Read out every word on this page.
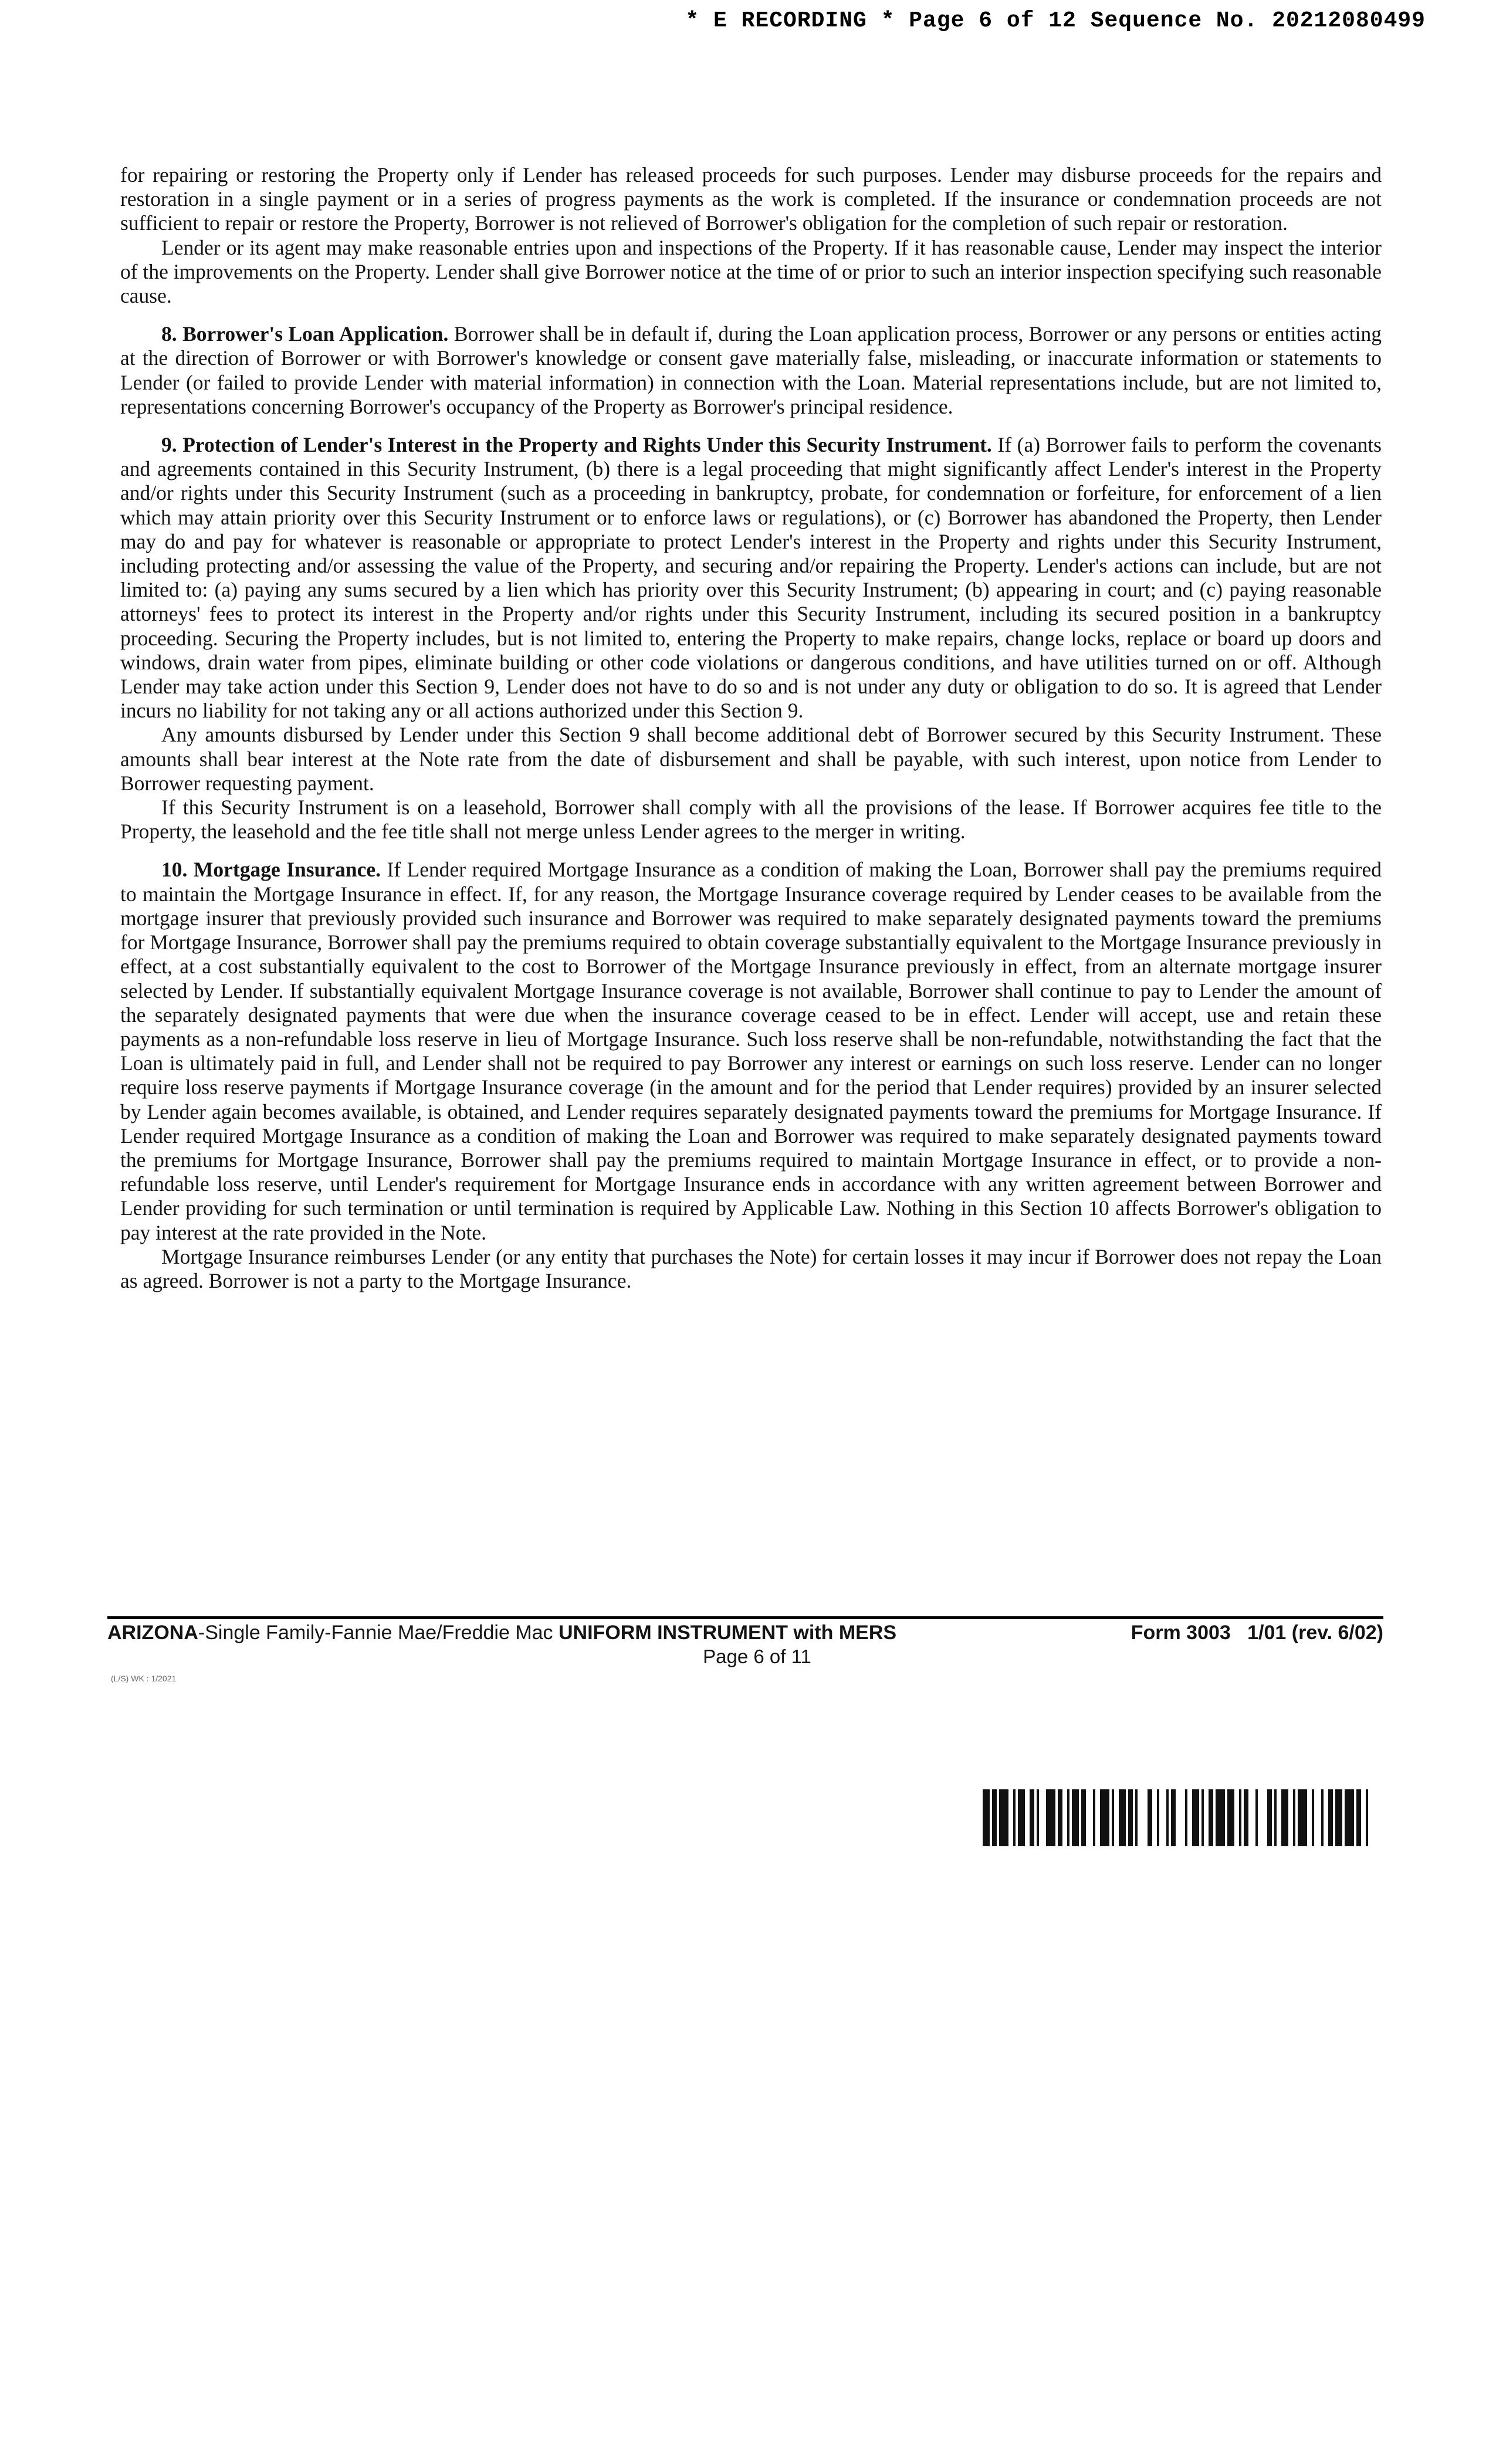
* E RECORDING * Page 6 of 12 Sequence No. 20212080499

for repairing or restoring the Property only if Lender has released proceeds for such purposes. Lender may disburse proceeds for the repairs and restoration in a single payment or in a series of progress payments as the work is completed. If the insurance or condemnation proceeds are not sufficient to repair or restore the Property, Borrower is not relieved of Borrower's obligation for the completion of such repair or restoration.

Lender or its agent may make reasonable entries upon and inspections of the Property. If it has reasonable cause, Lender may inspect the interior of the improvements on the Property. Lender shall give Borrower notice at the time of or prior to such an interior inspection specifying such reasonable cause.

8. Borrower's Loan Application. Borrower shall be in default if, during the Loan application process, Borrower or any persons or entities acting at the direction of Borrower or with Borrower's knowledge or consent gave materially false, misleading, or inaccurate information or statements to Lender (or failed to provide Lender with material information) in connection with the Loan. Material representations include, but are not limited to, representations concerning Borrower's occupancy of the Property as Borrower's principal residence.

9. Protection of Lender's Interest in the Property and Rights Under this Security Instrument. If (a) Borrower fails to perform the covenants and agreements contained in this Security Instrument, (b) there is a legal proceeding that might significantly affect Lender's interest in the Property and/or rights under this Security Instrument (such as a proceeding in bankruptcy, probate, for condemnation or forfeiture, for enforcement of a lien which may attain priority over this Security Instrument or to enforce laws or regulations), or (c) Borrower has abandoned the Property, then Lender may do and pay for whatever is reasonable or appropriate to protect Lender's interest in the Property and rights under this Security Instrument, including protecting and/or assessing the value of the Property, and securing and/or repairing the Property. Lender's actions can include, but are not limited to: (a) paying any sums secured by a lien which has priority over this Security Instrument; (b) appearing in court; and (c) paying reasonable attorneys' fees to protect its interest in the Property and/or rights under this Security Instrument, including its secured position in a bankruptcy proceeding. Securing the Property includes, but is not limited to, entering the Property to make repairs, change locks, replace or board up doors and windows, drain water from pipes, eliminate building or other code violations or dangerous conditions, and have utilities turned on or off. Although Lender may take action under this Section 9, Lender does not have to do so and is not under any duty or obligation to do so. It is agreed that Lender incurs no liability for not taking any or all actions authorized under this Section 9.

Any amounts disbursed by Lender under this Section 9 shall become additional debt of Borrower secured by this Security Instrument. These amounts shall bear interest at the Note rate from the date of disbursement and shall be payable, with such interest, upon notice from Lender to Borrower requesting payment.

If this Security Instrument is on a leasehold, Borrower shall comply with all the provisions of the lease. If Borrower acquires fee title to the Property, the leasehold and the fee title shall not merge unless Lender agrees to the merger in writing.

10. Mortgage Insurance. If Lender required Mortgage Insurance as a condition of making the Loan, Borrower shall pay the premiums required to maintain the Mortgage Insurance in effect. If, for any reason, the Mortgage Insurance coverage required by Lender ceases to be available from the mortgage insurer that previously provided such insurance and Borrower was required to make separately designated payments toward the premiums for Mortgage Insurance, Borrower shall pay the premiums required to obtain coverage substantially equivalent to the Mortgage Insurance previously in effect, at a cost substantially equivalent to the cost to Borrower of the Mortgage Insurance previously in effect, from an alternate mortgage insurer selected by Lender. If substantially equivalent Mortgage Insurance coverage is not available, Borrower shall continue to pay to Lender the amount of the separately designated payments that were due when the insurance coverage ceased to be in effect. Lender will accept, use and retain these payments as a non-refundable loss reserve in lieu of Mortgage Insurance. Such loss reserve shall be non-refundable, notwithstanding the fact that the Loan is ultimately paid in full, and Lender shall not be required to pay Borrower any interest or earnings on such loss reserve. Lender can no longer require loss reserve payments if Mortgage Insurance coverage (in the amount and for the period that Lender requires) provided by an insurer selected by Lender again becomes available, is obtained, and Lender requires separately designated payments toward the premiums for Mortgage Insurance. If Lender required Mortgage Insurance as a condition of making the Loan and Borrower was required to make separately designated payments toward the premiums for Mortgage Insurance, Borrower shall pay the premiums required to maintain Mortgage Insurance in effect, or to provide a non-refundable loss reserve, until Lender's requirement for Mortgage Insurance ends in accordance with any written agreement between Borrower and Lender providing for such termination or until termination is required by Applicable Law. Nothing in this Section 10 affects Borrower's obligation to pay interest at the rate provided in the Note.

Mortgage Insurance reimburses Lender (or any entity that purchases the Note) for certain losses it may incur if Borrower does not repay the Loan as agreed. Borrower is not a party to the Mortgage Insurance.

ARIZONA-Single Family-Fannie Mae/Freddie Mac UNIFORM INSTRUMENT with MERS	Form 3003   1/01 (rev. 6/02)
Page 6 of 11
(L/S) WK : 1/2021
